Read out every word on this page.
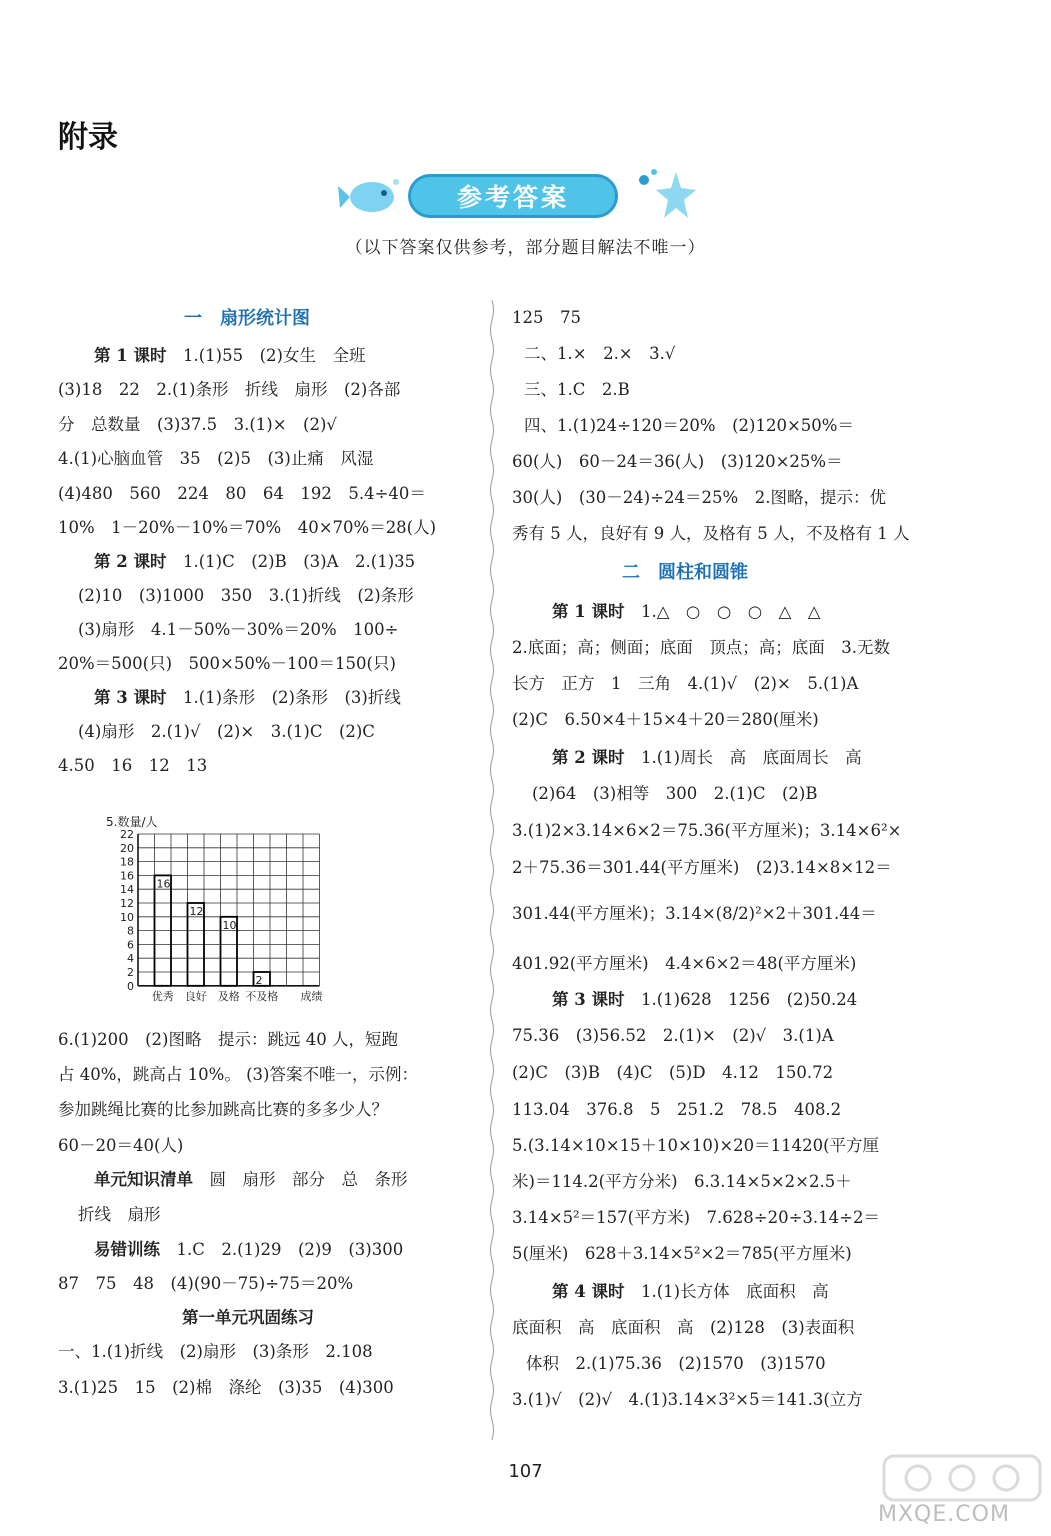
附录
参考答案
（以下答案仅供参考，部分题目解法不唯一）
一　扇形统计图
第 1 课时　1.(1)55　(2)女生　全班
(3)18　22　2.(1)条形　折线　扇形　(2)各部
分　总数量　(3)37.5　3.(1)×　(2)√
4.(1)心脑血管　35　(2)5　(3)止痛　风湿
(4)480　560　224　80　64　192　5.4÷40＝
10%　1－20%－10%＝70%　40×70%＝28(人)
第 2 课时　1.(1)C　(2)B　(3)A　2.(1)35
(2)10　(3)1000　350　3.(1)折线　(2)条形
(3)扇形　4.1－50%－30%＝20%　100÷
20%＝500(只)　500×50%－100＝150(只)
第 3 课时　1.(1)条形　(2)条形　(3)折线
(4)扇形　2.(1)√　(2)×　3.(1)C　(2)C
4.50　16　12　13
5.数量/人
22
20
18
16
14
12
10
8
6
4
2
0
16
优秀
12
良好
10
及格
2
不及格 成绩
6.(1)200　(2)图略　提示：跳远 40 人，短跑
占 40%，跳高占 10%。 (3)答案不唯一，示例：
参加跳绳比赛的比参加跳高比赛的多多少人？
60－20＝40(人)
单元知识清单　圆　扇形　部分　总　条形
折线　扇形
易错训练　1.C　2.(1)29　(2)9　(3)300
87　75　48　(4)(90－75)÷75＝20%
第一单元巩固练习
一、1.(1)折线　(2)扇形　(3)条形　2.108
3.(1)25　15　(2)棉　涤纶　(3)35　(4)300
125　75
二、1.×　2.×　3.√
三、1.C　2.B
四、1.(1)24÷120＝20%　(2)120×50%＝
60(人)　60－24＝36(人)　(3)120×25%＝
30(人)　(30－24)÷24＝25%　2.图略，提示：优
秀有 5 人，良好有 9 人，及格有 5 人，不及格有 1 人
二　圆柱和圆锥
第 1 课时　1.△　○　○　○　△　△
2.底面；高；侧面；底面　顶点；高；底面　3.无数
长方　正方　1　三角　4.(1)√　(2)×　5.(1)A
(2)C　6.50×4＋15×4＋20＝280(厘米)
第 2 课时　1.(1)周长　高　底面周长　高
(2)64　(3)相等　300　2.(1)C　(2)B
3.(1)2×3.14×6×2＝75.36(平方厘米)；3.14×6²×
2＋75.36＝301.44(平方厘米)　(2)3.14×8×12＝
301.44(平方厘米)；3.14×(8/2)²×2＋301.44＝
401.92(平方厘米)　4.4×6×2＝48(平方厘米)
第 3 课时　1.(1)628　1256　(2)50.24
75.36　(3)56.52　2.(1)×　(2)√　3.(1)A
(2)C　(3)B　(4)C　(5)D　4.12　150.72
113.04　376.8　5　251.2　78.5　408.2
5.(3.14×10×15＋10×10)×20＝11420(平方厘
米)＝114.2(平方分米)　6.3.14×5×2×2.5＋
3.14×5²＝157(平方米)　7.628÷20÷3.14÷2＝
5(厘米)　628＋3.14×5²×2＝785(平方厘米)
第 4 课时　1.(1)长方体　底面积　高
底面积　高　底面积　高　(2)128　(3)表面积
体积　2.(1)75.36　(2)1570　(3)1570
3.(1)√　(2)√　4.(1)3.14×3²×5＝141.3(立方
107
MXQE.COM
